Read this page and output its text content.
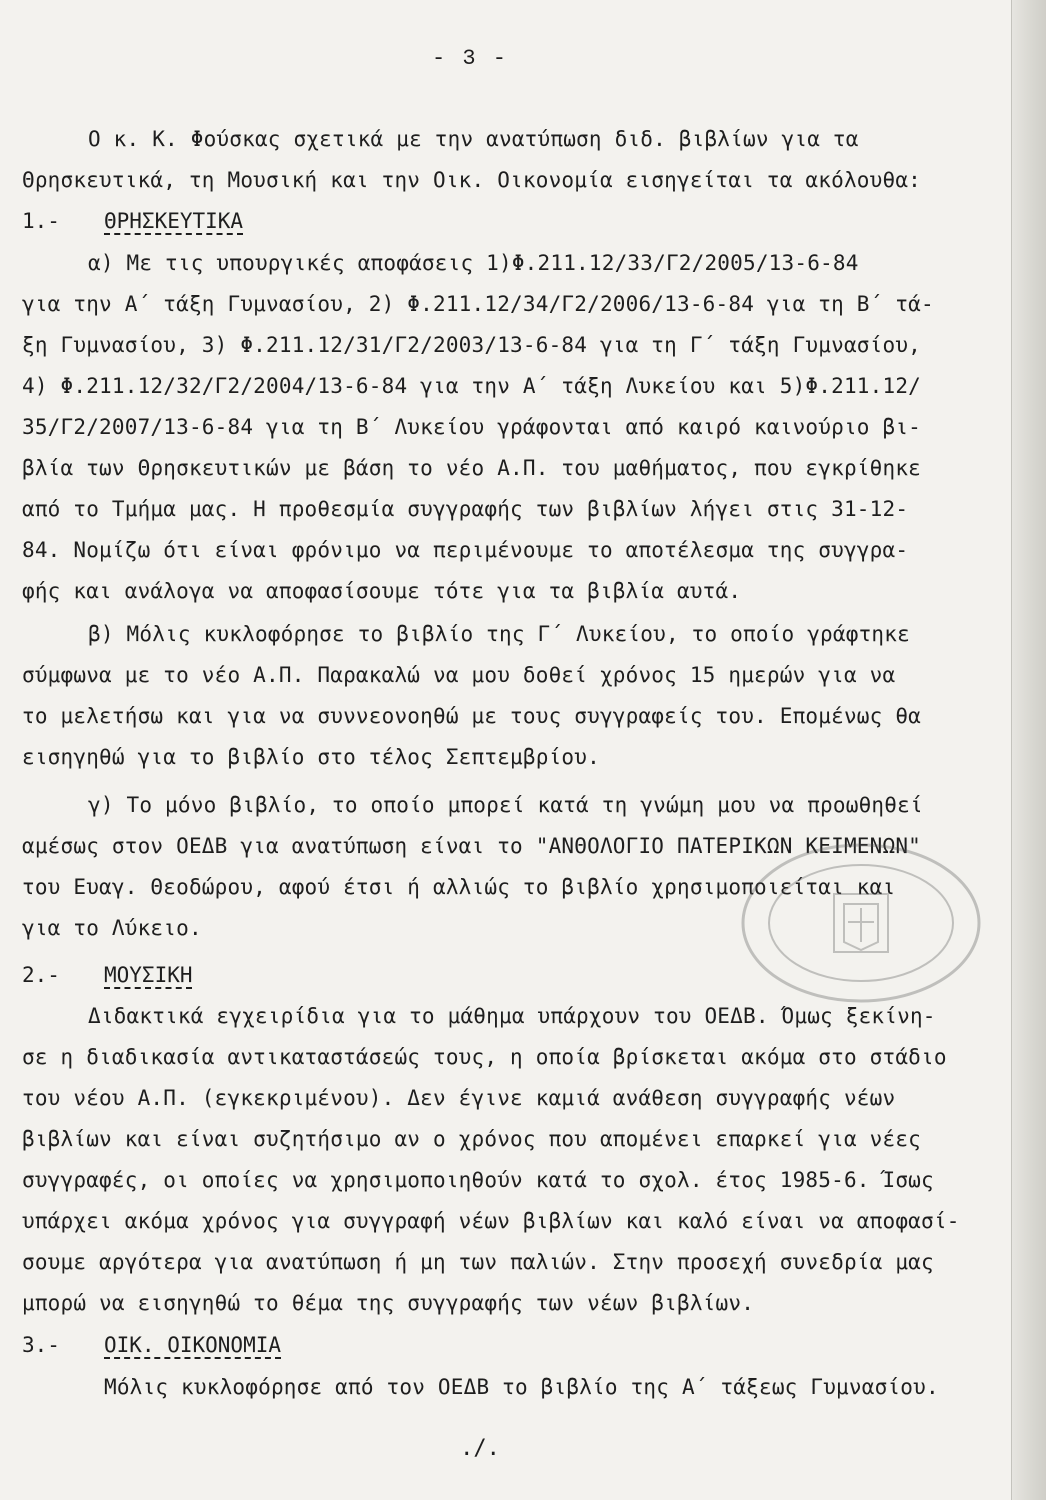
- 3 -
Ο κ. Κ. Φούσκας σχετικά με την ανατύπωση διδ. βιβλίων για τα
Θρησκευτικά, τη Μουσική και την Οικ. Οικονομία εισηγείται τα ακόλουθα:
1.- ΘΡΗΣΚΕΥΤΙΚΑ
α) Με τις υπουργικές αποφάσεις 1)Φ.211.12/33/Γ2/2005/13-6-84
για την Α΄ τάξη Γυμνασίου, 2) Φ.211.12/34/Γ2/2006/13-6-84 για τη Β΄ τά-
ξη Γυμνασίου, 3) Φ.211.12/31/Γ2/2003/13-6-84 για τη Γ΄ τάξη Γυμνασίου,
4) Φ.211.12/32/Γ2/2004/13-6-84 για την Α΄ τάξη Λυκείου και 5)Φ.211.12/
35/Γ2/2007/13-6-84 για τη Β΄ Λυκείου γράφονται από καιρό καινούριο βι-
βλία των Θρησκευτικών με βάση το νέο Α.Π. του μαθήματος, που εγκρίθηκε
από το Τμήμα μας. Η προθεσμία συγγραφής των βιβλίων λήγει στις 31-12-
84. Νομίζω ότι είναι φρόνιμο να περιμένουμε το αποτέλεσμα της συγγρα-
φής και ανάλογα να αποφασίσουμε τότε για τα βιβλία αυτά.
β) Μόλις κυκλοφόρησε το βιβλίο της Γ΄ Λυκείου, το οποίο γράφτηκε
σύμφωνα με το νέο Α.Π. Παρακαλώ να μου δοθεί χρόνος 15 ημερών για να
το μελετήσω και για να συννεονοηθώ με τους συγγραφείς του. Επομένως θα
εισηγηθώ για το βιβλίο στο τέλος Σεπτεμβρίου.
γ) Το μόνο βιβλίο, το οποίο μπορεί κατά τη γνώμη μου να προωθηθεί
αμέσως στον ΟΕΔΒ για ανατύπωση είναι το "ΑΝΘΟΛΟΓΙΟ ΠΑΤΕΡΙΚΩΝ ΚΕΙΜΕΝΩΝ"
του Ευαγ. Θεοδώρου, αφού έτσι ή αλλιώς το βιβλίο χρησιμοποιείται και
για το Λύκειο.
2.- ΜΟΥΣΙΚΗ
Διδακτικά εγχειρίδια για το μάθημα υπάρχουν του ΟΕΔΒ. Όμως ξεκίνη-
σε η διαδικασία αντικαταστάσεώς τους, η οποία βρίσκεται ακόμα στο στάδιο
του νέου Α.Π. (εγκεκριμένου). Δεν έγινε καμιά ανάθεση συγγραφής νέων
βιβλίων και είναι συζητήσιμο αν ο χρόνος που απομένει επαρκεί για νέες
συγγραφές, οι οποίες να χρησιμοποιηθούν κατά το σχολ. έτος 1985-6. Ίσως
υπάρχει ακόμα χρόνος για συγγραφή νέων βιβλίων και καλό είναι να αποφασί-
σουμε αργότερα για ανατύπωση ή μη των παλιών. Στην προσεχή συνεδρία μας
μπορώ να εισηγηθώ το θέμα της συγγραφής των νέων βιβλίων.
3.- ΟΙΚ. ΟΙΚΟΝΟΜΙΑ
Μόλις κυκλοφόρησε από τον ΟΕΔΒ το βιβλίο της Α΄ τάξεως Γυμνασίου.
./.
